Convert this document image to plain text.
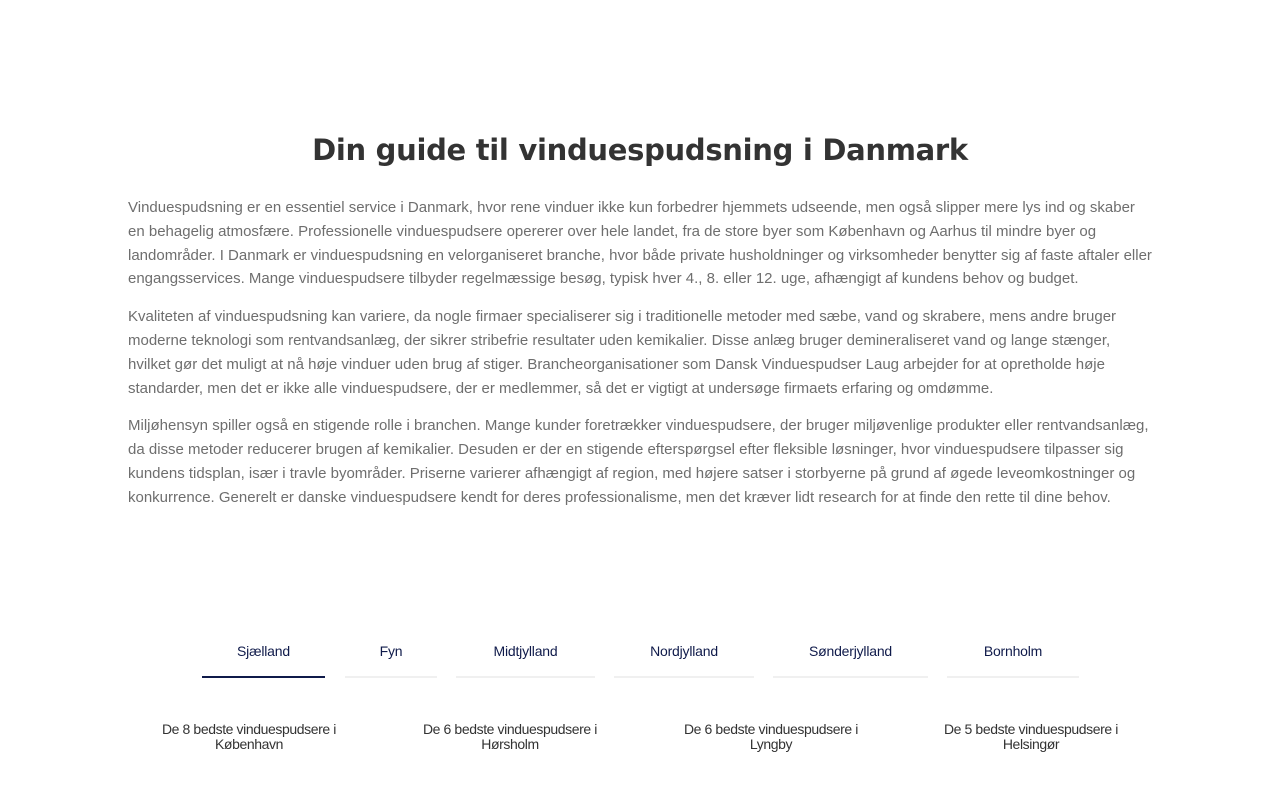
Din guide til vinduespudsning i Danmark

Vinduespudsning er en essentiel service i Danmark, hvor rene vinduer ikke kun forbedrer hjemmets udseende, men også slipper mere lys ind og skaber en behagelig atmosfære. Professionelle vinduespudsere opererer over hele landet, fra de store byer som København og Aarhus til mindre byer og landområder. I Danmark er vinduespudsning en velorganiseret branche, hvor både private husholdninger og virksomheder benytter sig af faste aftaler eller engangsservices. Mange vinduespudsere tilbyder regelmæssige besøg, typisk hver 4., 8. eller 12. uge, afhængigt af kundens behov og budget.

Kvaliteten af vinduespudsning kan variere, da nogle firmaer specialiserer sig i traditionelle metoder med sæbe, vand og skrabere, mens andre bruger moderne teknologi som rentvandsanlæg, der sikrer stribefrie resultater uden kemikalier. Disse anlæg bruger demineraliseret vand og lange stænger, hvilket gør det muligt at nå høje vinduer uden brug af stiger. Brancheorganisationer som Dansk Vinduespudser Laug arbejder for at opretholde høje standarder, men det er ikke alle vinduespudsere, der er medlemmer, så det er vigtigt at undersøge firmaets erfaring og omdømme.

Miljøhensyn spiller også en stigende rolle i branchen. Mange kunder foretrækker vinduespudsere, der bruger miljøvenlige produkter eller rentvandsanlæg, da disse metoder reducerer brugen af kemikalier. Desuden er der en stigende efterspørgsel efter fleksible løsninger, hvor vinduespudsere tilpasser sig kundens tidsplan, især i travle byområder. Priserne varierer afhængigt af region, med højere satser i storbyerne på grund af øgede leveomkostninger og konkurrence. Generelt er danske vinduespudsere kendt for deres professionalisme, men det kræver lidt research for at finde den rette til dine behov.

Sjælland	Fyn	Midtjylland	Nordjylland	Sønderjylland	Bornholm
De 8 bedste vinduespudsere i
København
De 6 bedste vinduespudsere i
Hørsholm
De 6 bedste vinduespudsere i
Lyngby
De 5 bedste vinduespudsere i
Helsingør
